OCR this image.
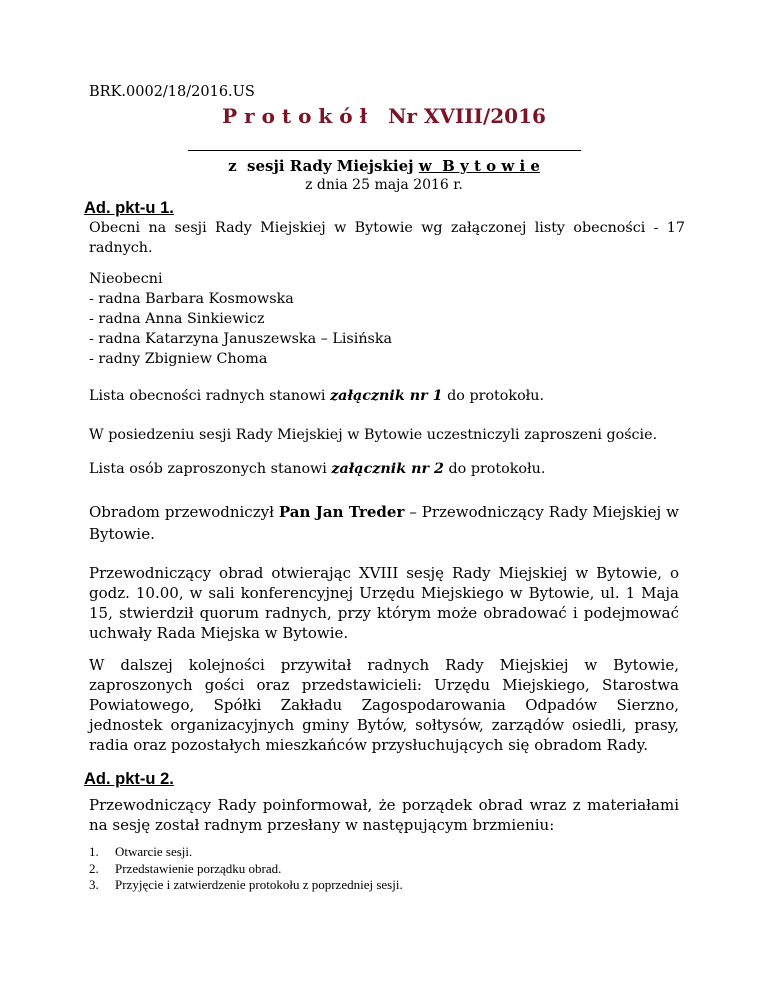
BRK.0002/18/2016.US
P r o t o k ó ł   Nr XVIII/2016
z  sesji Rady Miejskiej w  B y t o w i e
z dnia 25 maja 2016 r.
Ad. pkt-u 1.
Obecni na sesji Rady Miejskiej w Bytowie wg załączonej listy obecności - 17 radnych.
Nieobecni
- radna Barbara Kosmowska
- radna Anna Sinkiewicz
- radna Katarzyna Januszewska – Lisińska
- radny Zbigniew Choma
Lista obecności radnych stanowi załącznik nr 1 do protokołu.
W posiedzeniu sesji Rady Miejskiej w Bytowie uczestniczyli zaproszeni goście.
Lista osób zaproszonych stanowi załącznik nr 2 do protokołu.
Obradom przewodniczył Pan Jan Treder – Przewodniczący Rady Miejskiej w Bytowie.
Przewodniczący obrad otwierając XVIII sesję Rady Miejskiej w Bytowie, o godz. 10.00, w sali konferencyjnej Urzędu Miejskiego w Bytowie, ul. 1 Maja 15, stwierdził quorum radnych, przy którym może obradować i podejmować uchwały Rada Miejska w Bytowie.
W dalszej kolejności przywitał radnych Rady Miejskiej w Bytowie, zaproszonych gości oraz przedstawicieli: Urzędu Miejskiego, Starostwa Powiatowego, Spółki Zakładu Zagospodarowania Odpadów Sierzno, jednostek organizacyjnych gminy Bytów, sołtysów, zarządów osiedli, prasy, radia oraz pozostałych mieszkańców przysłuchujących się obradom Rady.
Ad. pkt-u 2.
Przewodniczący Rady poinformował, że porządek obrad wraz z materiałami na sesję został radnym przesłany w następującym brzmieniu:
1. Otwarcie sesji.
2. Przedstawienie porządku obrad.
3. Przyjęcie i zatwierdzenie protokołu z poprzedniej sesji.
